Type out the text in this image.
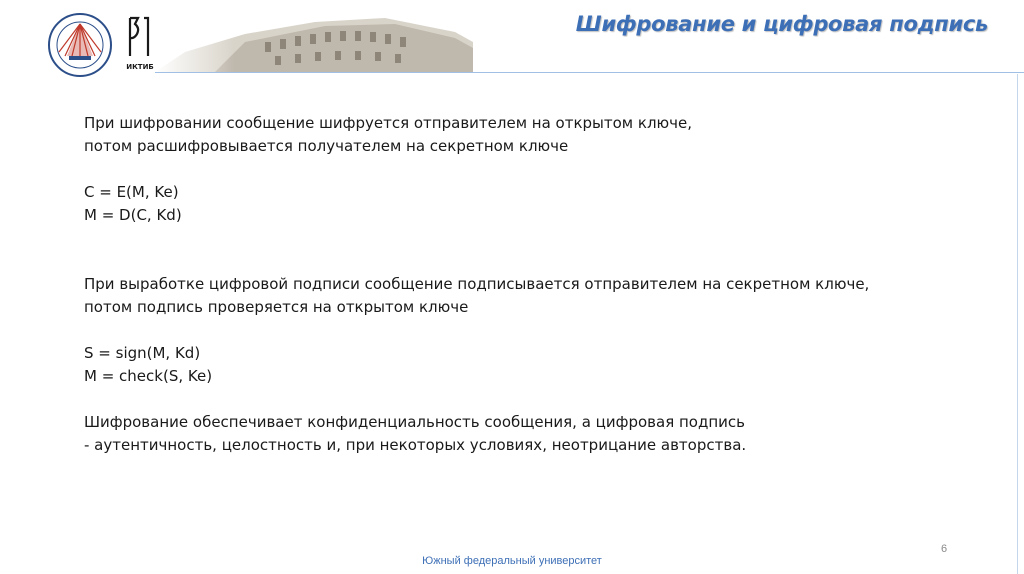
ИКТИБ
Шифрование и цифровая подпись
При шифровании сообщение шифруется отправителем на открытом ключе,
потом расшифровывается получателем на секретном ключе
C = E(M, Ke)
M = D(C, Kd)
При выработке цифровой подписи сообщение подписывается отправителем на секретном ключе,
потом подпись проверяется на открытом ключе
S = sign(M, Kd)
M = check(S, Ke)
Шифрование обеспечивает конфиденциальность сообщения, а цифровая подпись
- аутентичность, целостность и, при некоторых условиях, неотрицание авторства.
6
Южный федеральный университет
